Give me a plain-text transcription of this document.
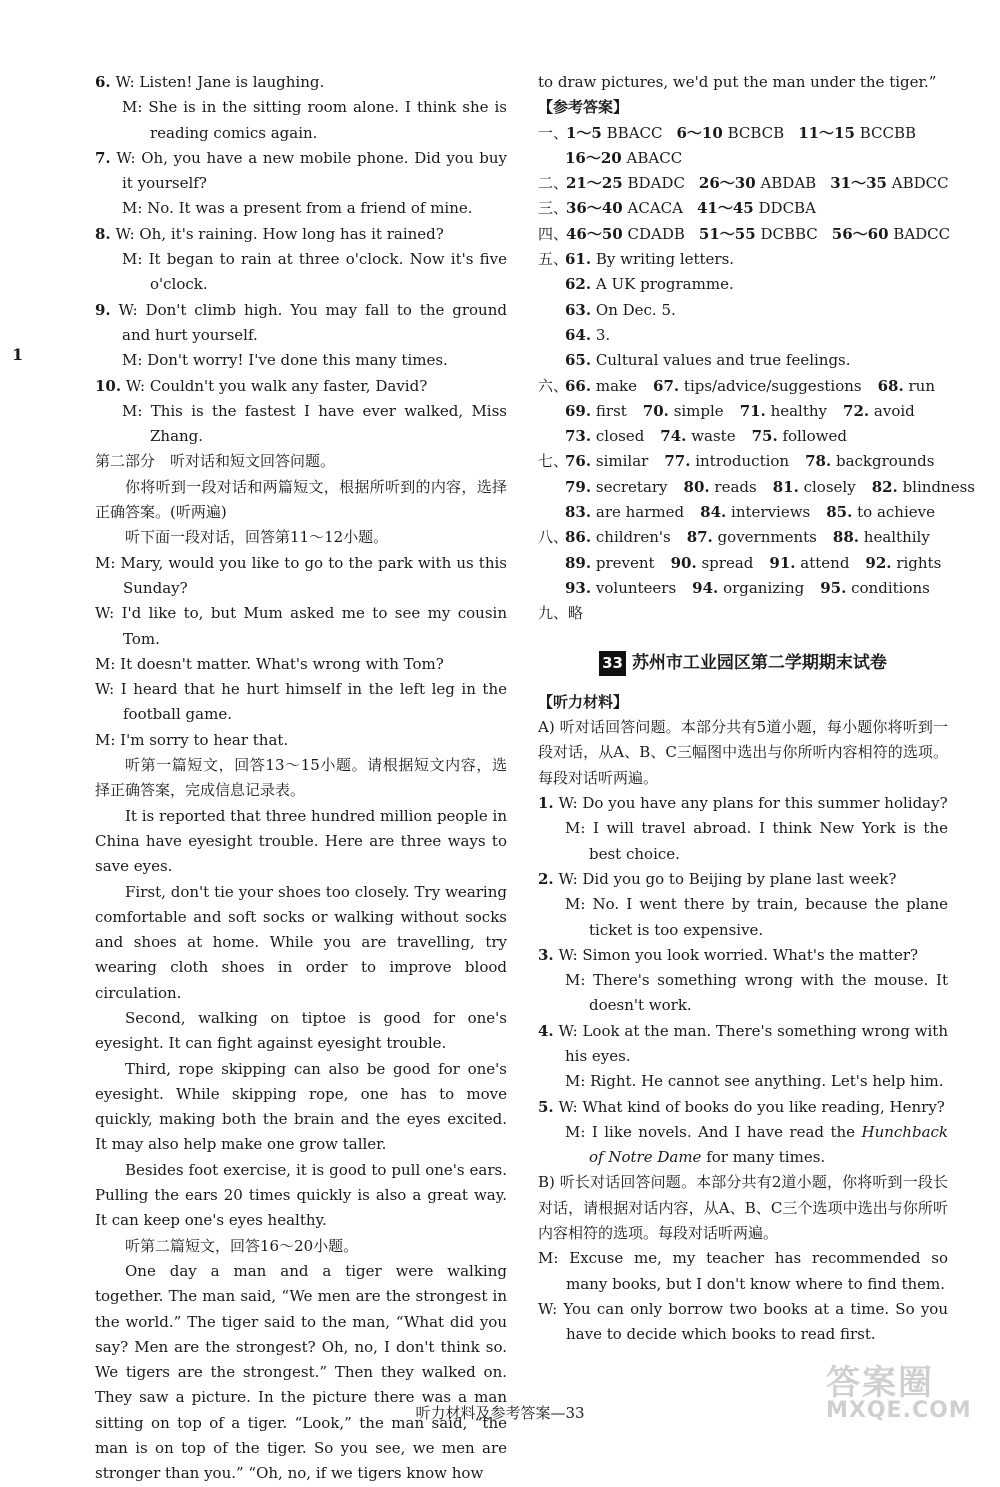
1
6. W: Listen! Jane is laughing.
M: She is in the sitting room alone. I think she is reading comics again.
7. W: Oh, you have a new mobile phone. Did you buy it yourself?
M: No. It was a present from a friend of mine.
8. W: Oh, it's raining. How long has it rained?
M: It began to rain at three o'clock. Now it's five o'clock.
9. W: Don't climb high. You may fall to the ground and hurt yourself.
M: Don't worry! I've done this many times.
10. W: Couldn't you walk any faster, David?
M: This is the fastest I have ever walked, Miss Zhang.
第二部分　听对话和短文回答问题。
你将听到一段对话和两篇短文，根据所听到的内容，选择正确答案。(听两遍)
听下面一段对话，回答第11～12小题。
M: Mary, would you like to go to the park with us this Sunday?
W: I'd like to, but Mum asked me to see my cousin Tom.
M: It doesn't matter. What's wrong with Tom?
W: I heard that he hurt himself in the left leg in the football game.
M: I'm sorry to hear that.
听第一篇短文，回答13～15小题。请根据短文内容，选择正确答案，完成信息记录表。
It is reported that three hundred million people in China have eyesight trouble. Here are three ways to save eyes.
First, don't tie your shoes too closely. Try wearing comfortable and soft socks or walking without socks and shoes at home. While you are travelling, try wearing cloth shoes in order to improve blood circulation.
Second, walking on tiptoe is good for one's eyesight. It can fight against eyesight trouble.
Third, rope skipping can also be good for one's eyesight. While skipping rope, one has to move quickly, making both the brain and the eyes excited. It may also help make one grow taller.
Besides foot exercise, it is good to pull one's ears. Pulling the ears 20 times quickly is also a great way. It can keep one's eyes healthy.
听第二篇短文，回答16～20小题。
One day a man and a tiger were walking together. The man said, “We men are the strongest in the world.” The tiger said to the man, “What did you say? Men are the strongest? Oh, no, I don't think so. We tigers are the strongest.” Then they walked on. They saw a picture. In the picture there was a man sitting on top of a tiger. “Look,” the man said, “the man is on top of the tiger. So you see, we men are stronger than you.” “Oh, no, if we tigers know how
to draw pictures, we'd put the man under the tiger.”
【参考答案】
一、1～5 BBACC 6～10 BCBCB 11～15 BCCBB
16～20 ABACC
二、21～25 BDADC 26～30 ABDAB 31～35 ABDCC
三、36～40 ACACA 41～45 DDCBA
四、46～50 CDADB 51～55 DCBBC 56～60 BADCC
五、61. By writing letters.
62. A UK programme.
63. On Dec. 5.
64. 3.
65. Cultural values and true feelings.
六、66. make 67. tips/advice/suggestions 68. run
69. first 70. simple 71. healthy 72. avoid
73. closed 74. waste 75. followed
七、76. similar 77. introduction 78. backgrounds
79. secretary 80. reads 81. closely 82. blindness
83. are harmed 84. interviews 85. to achieve
八、86. children's 87. governments 88. healthily
89. prevent 90. spread 91. attend 92. rights
93. volunteers 94. organizing 95. conditions
九、略
33 苏州市工业园区第二学期期末试卷
【听力材料】
A) 听对话回答问题。本部分共有5道小题，每小题你将听到一段对话，从A、B、C三幅图中选出与你所听内容相符的选项。每段对话听两遍。
1. W: Do you have any plans for this summer holiday?
M: I will travel abroad. I think New York is the best choice.
2. W: Did you go to Beijing by plane last week?
M: No. I went there by train, because the plane ticket is too expensive.
3. W: Simon you look worried. What's the matter?
M: There's something wrong with the mouse. It doesn't work.
4. W: Look at the man. There's something wrong with his eyes.
M: Right. He cannot see anything. Let's help him.
5. W: What kind of books do you like reading, Henry?
M: I like novels. And I have read the Hunchback of Notre Dame for many times.
B) 听长对话回答问题。本部分共有2道小题，你将听到一段长对话，请根据对话内容，从A、B、C三个选项中选出与你所听内容相符的选项。每段对话听两遍。
M: Excuse me, my teacher has recommended so many books, but I don't know where to find them.
W: You can only borrow two books at a time. So you have to decide which books to read first.
听力材料及参考答案—33
答案圈
MXQE.COM
